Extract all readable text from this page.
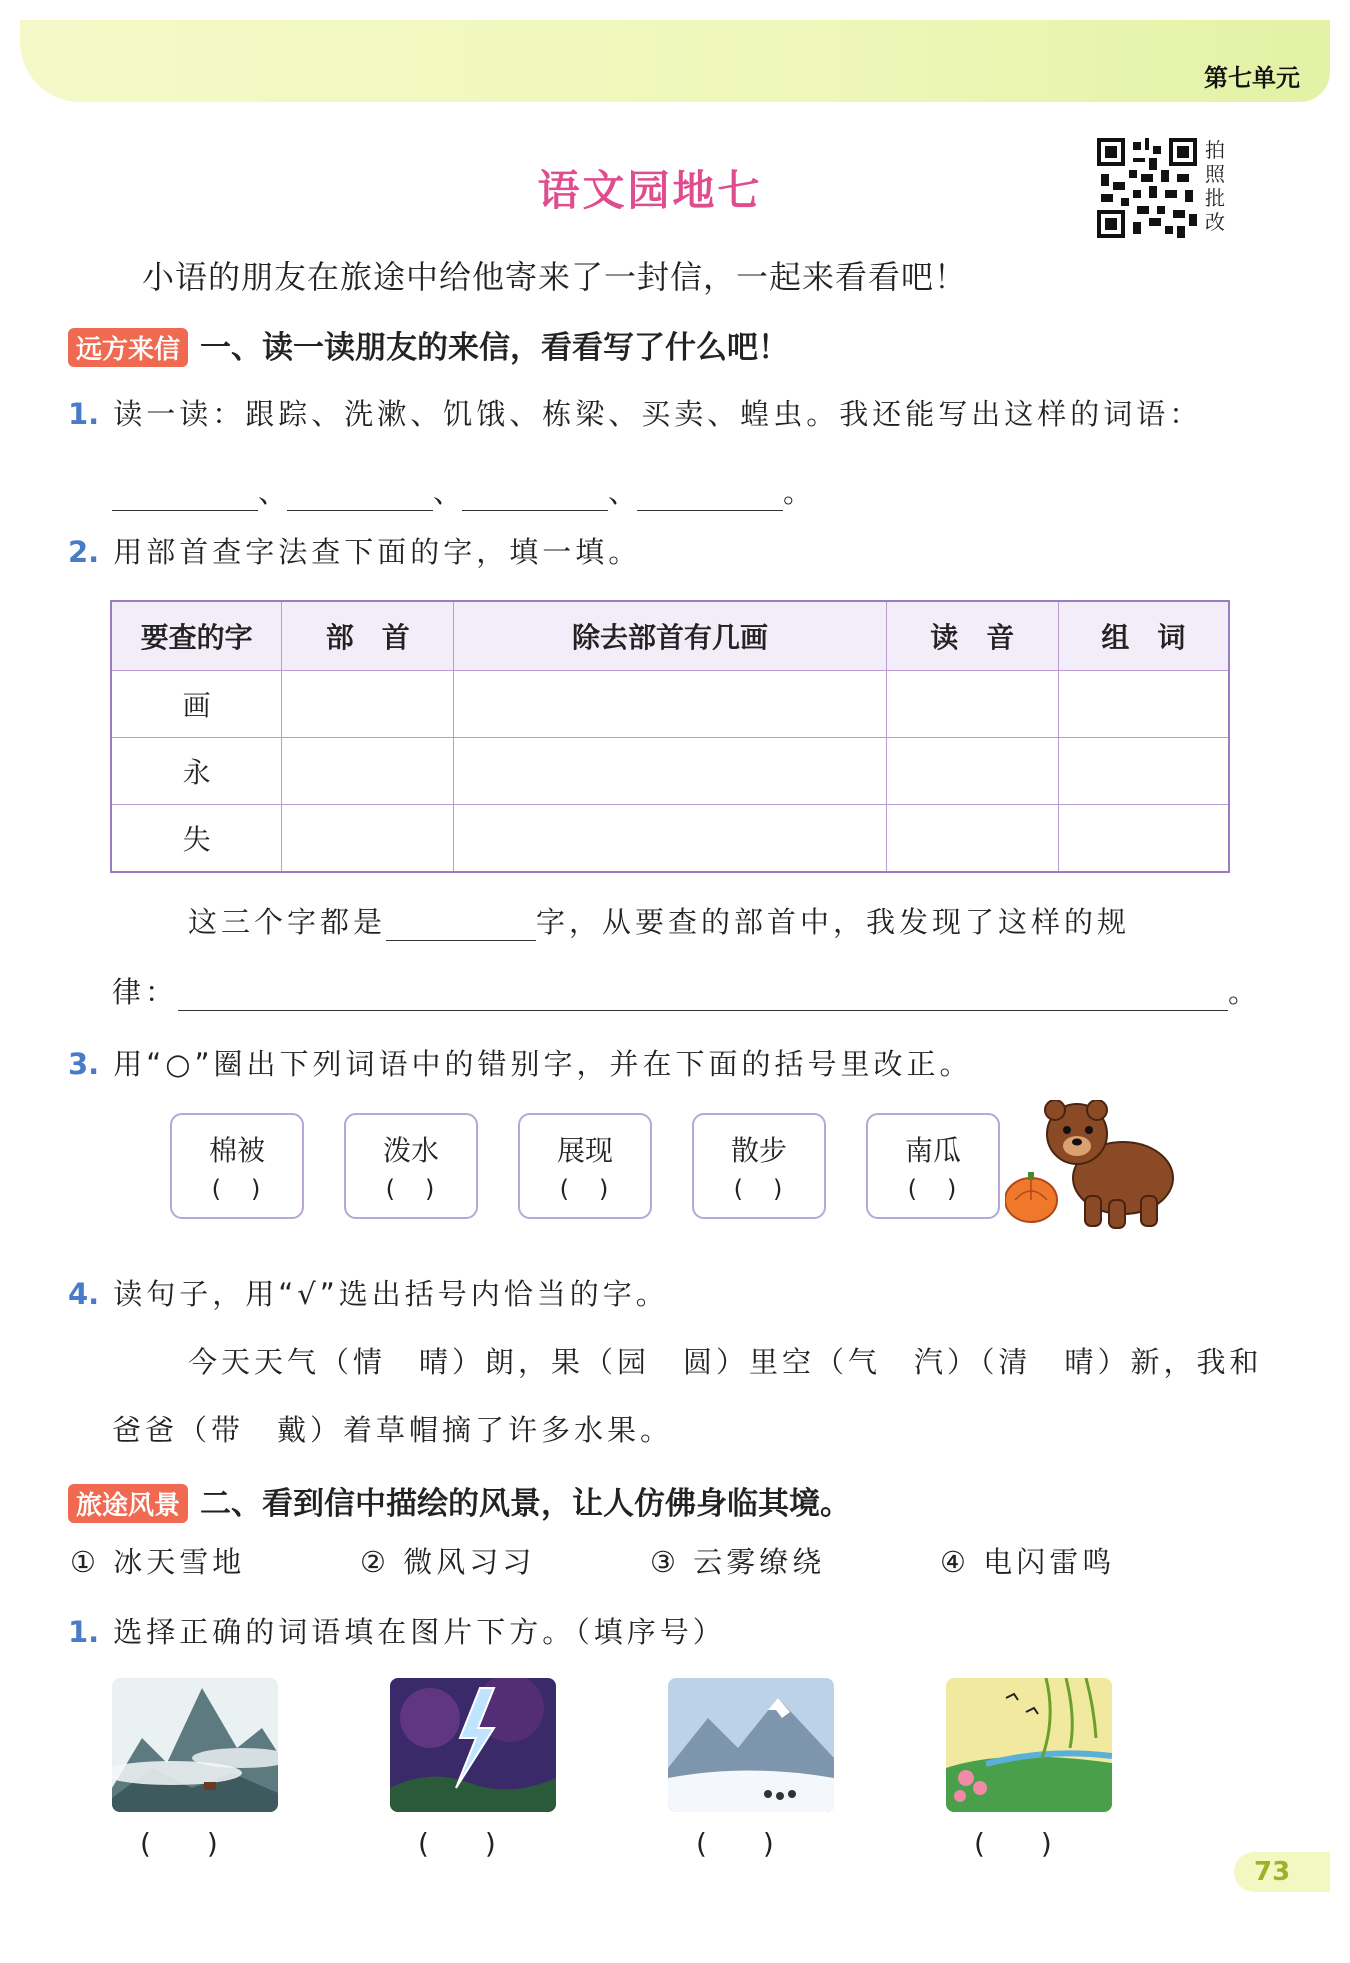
第七单元
语文园地七
拍照批改
小语的朋友在旅途中给他寄来了一封信，一起来看看吧！
远方来信 一、读一读朋友的来信，看看写了什么吧！
1. 读一读：跟踪、洗漱、饥饿、栋梁、买卖、蝗虫。我还能写出这样的词语：
、	、	、	。
2. 用部首查字法查下面的字，填一填。
要查的字	部　首	除去部首有几画	读　音	组　词
画				
永				
失				
这三个字都是	字，从要查的部首中，我发现了这样的规
律：	。
3. 用“○”圈出下列词语中的错别字，并在下面的括号里改正。
棉被
()
泼水
()
展现
()
散步
()
南瓜
()
4. 读句子，用“√”选出括号内恰当的字。
今天天气（情　晴）朗，果（园　圆）里空（气　汽）（清　晴）新，我和
爸爸（带　戴）着草帽摘了许多水果。
旅途风景 二、看到信中描绘的风景，让人仿佛身临其境。
① 冰天雪地	② 微风习习	③ 云雾缭绕	④ 电闪雷鸣
1. 选择正确的词语填在图片下方。（填序号）
(　　)	(　　)	(　　)	(　　)
73
